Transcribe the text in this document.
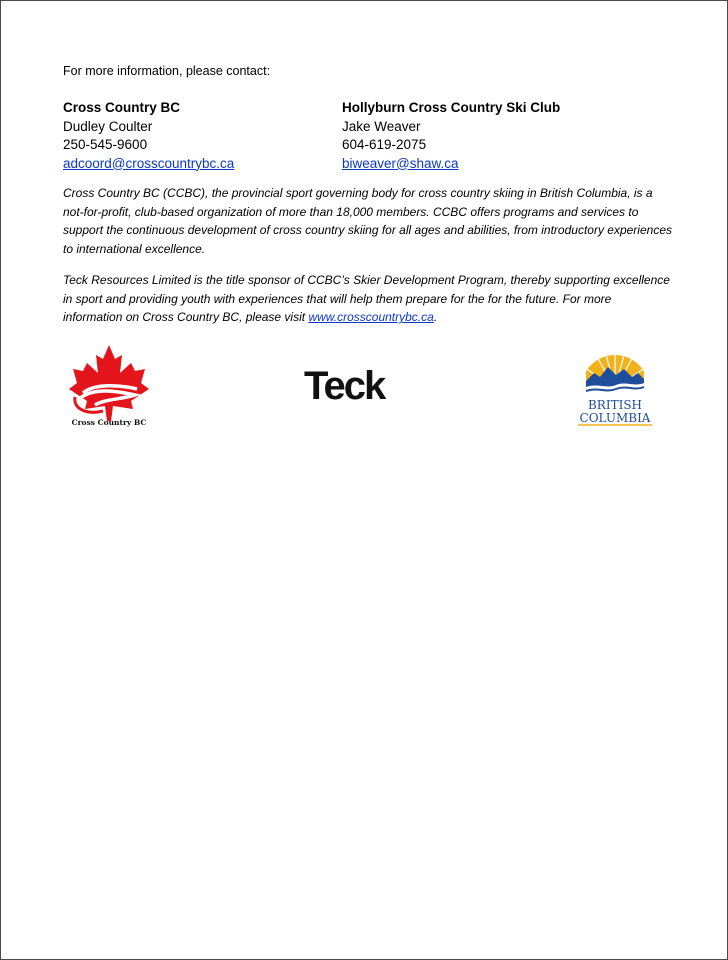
For more information, please contact:
Cross Country BC
Dudley Coulter
250-545-9600
adcoord@crosscountrybc.ca
Hollyburn Cross Country Ski Club
Jake Weaver
604-619-2075
biweaver@shaw.ca

Cross Country BC (CCBC), the provincial sport governing body for cross country skiing in British Columbia, is a not-for-profit, club-based organization of more than 18,000 members. CCBC offers programs and services to support the continuous development of cross country skiing for all ages and abilities, from introductory experiences to international excellence.

Teck Resources Limited is the title sponsor of CCBC’s Skier Development Program, thereby supporting excellence in sport and providing youth with experiences that will help them prepare for the for the future. For more information on Cross Country BC, please visit www.crosscountrybc.ca.

Cross Country BC
Teck	BRITISH
COLUMBIA
